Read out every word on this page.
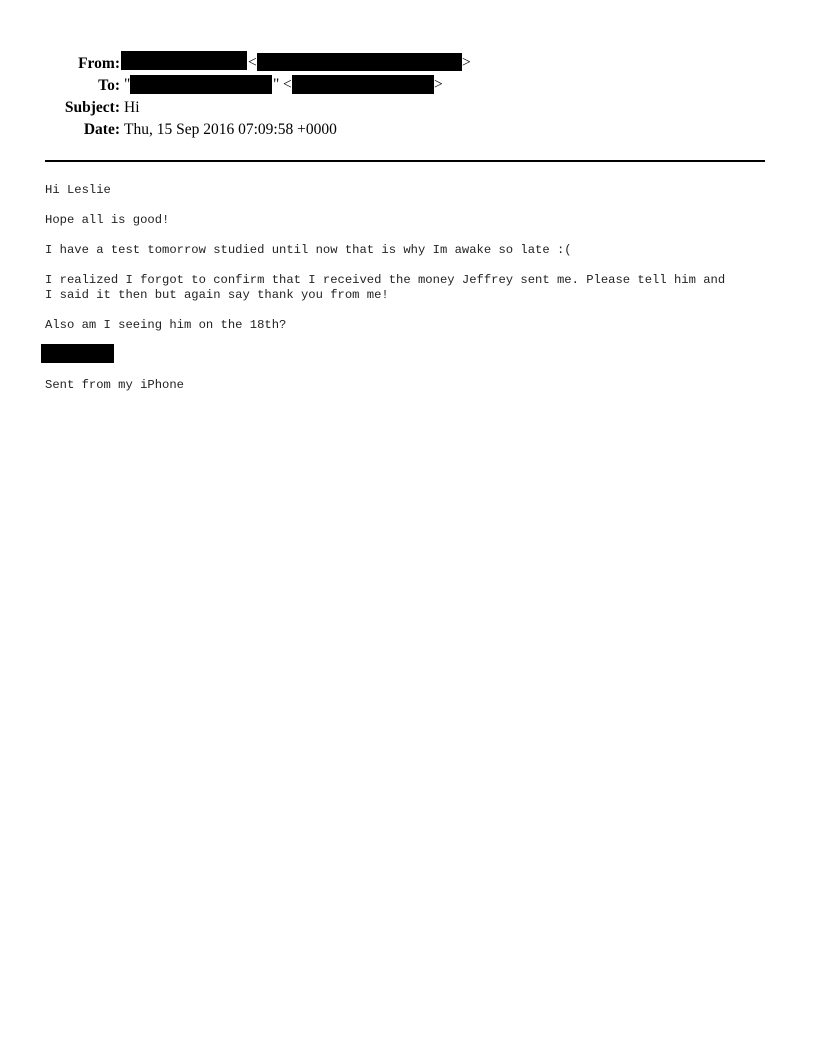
From:	<	>
To: "	" <	>
Subject: Hi
Date: Thu, 15 Sep 2016 07:09:58 +0000
Hi Leslie
Hope all is good!
I have a test tomorrow studied until now that is why Im awake so late :(
I realized I forgot to confirm that I received the money Jeffrey sent me. Please tell him and
I said it then but again say thank you from me!
Also am I seeing him on the 18th?
Sent from my iPhone
